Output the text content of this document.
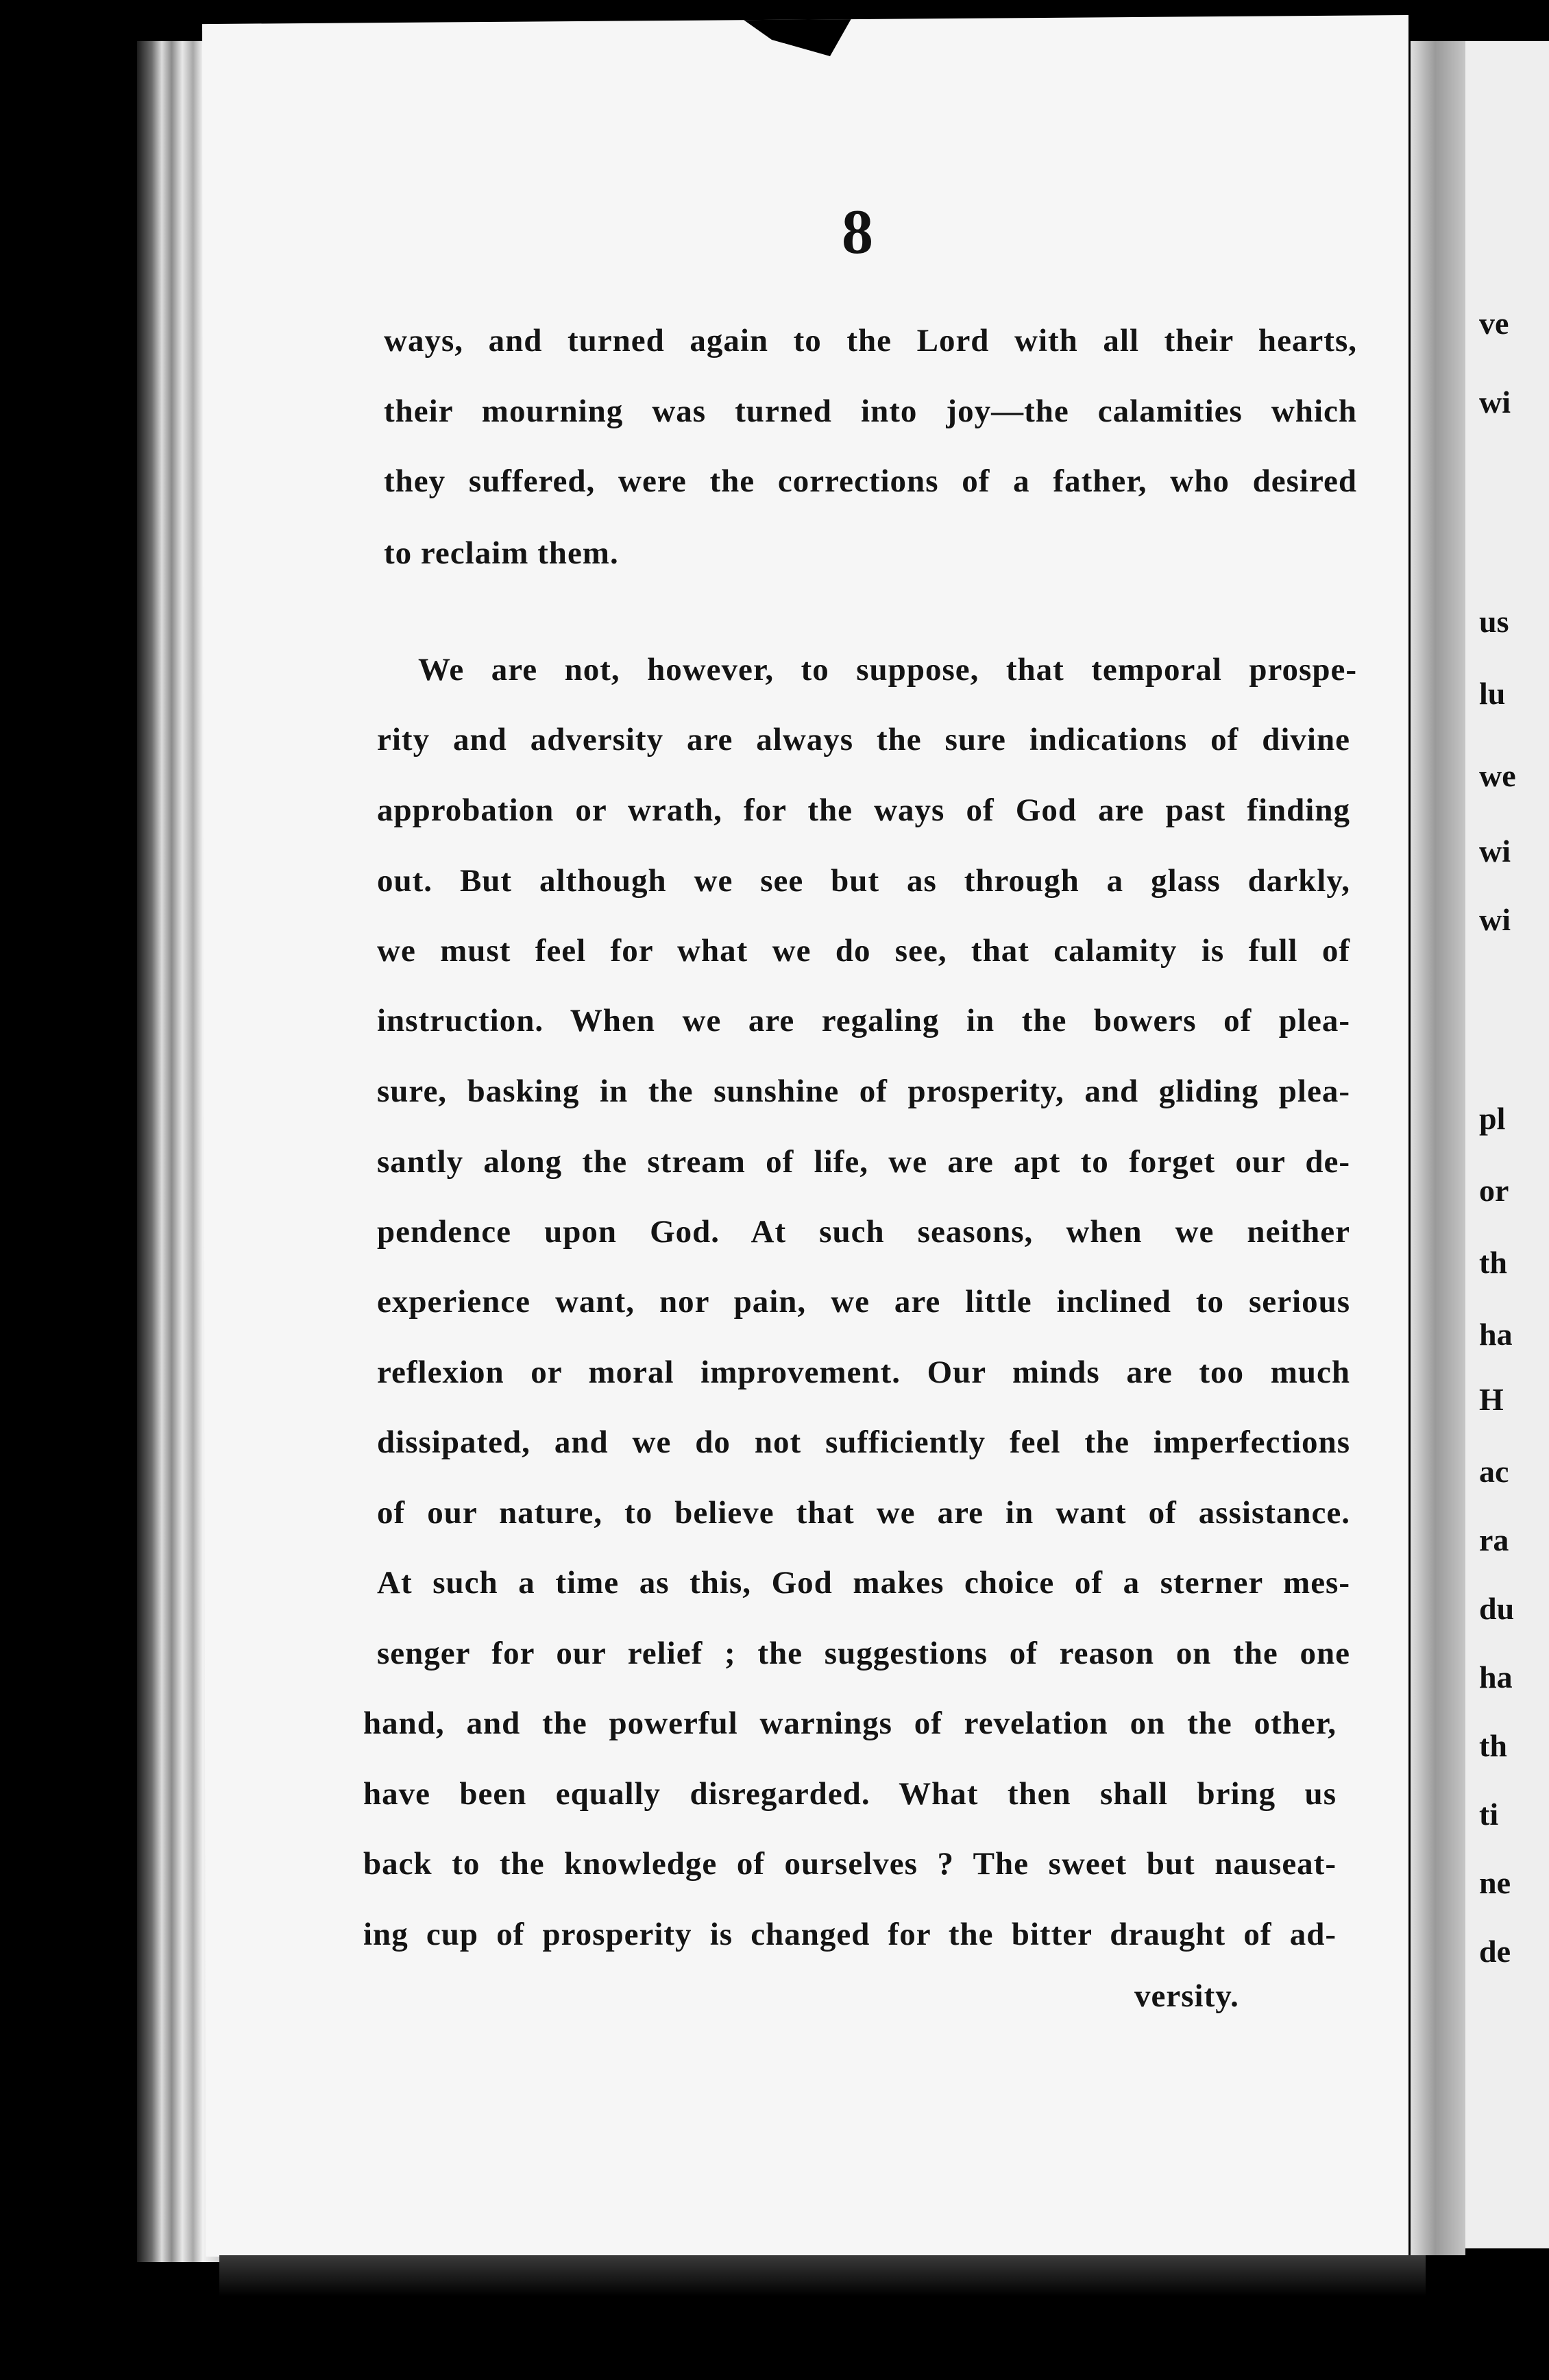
ve
wi
us
lu
we
wi
wi
pl
or
th
ha
H
ac
ra
du
ha
th
ti
ne
de
8
ways, and turned again to the Lord with all their hearts,
their mourning was turned into joy—the calamities which
they suffered, were the corrections of a father, who desired
to reclaim them.
We are not, however, to suppose, that temporal prospe-
rity and adversity are always the sure indications of divine
approbation or wrath, for the ways of God are past finding
out. But although we see but as through a glass darkly,
we must feel for what we do see, that calamity is full of
instruction. When we are regaling in the bowers of plea-
sure, basking in the sunshine of prosperity, and gliding plea-
santly along the stream of life, we are apt to forget our de-
pendence upon God. At such seasons, when we neither
experience want, nor pain, we are little inclined to serious
reflexion or moral improvement. Our minds are too much
dissipated, and we do not sufficiently feel the imperfections
of our nature, to believe that we are in want of assistance.
At such a time as this, God makes choice of a sterner mes-
senger for our relief ; the suggestions of reason on the one
hand, and the powerful warnings of revelation on the other,
have been equally disregarded. What then shall bring us
back to the knowledge of ourselves ? The sweet but nauseat-
ing cup of prosperity is changed for the bitter draught of ad-
versity.
